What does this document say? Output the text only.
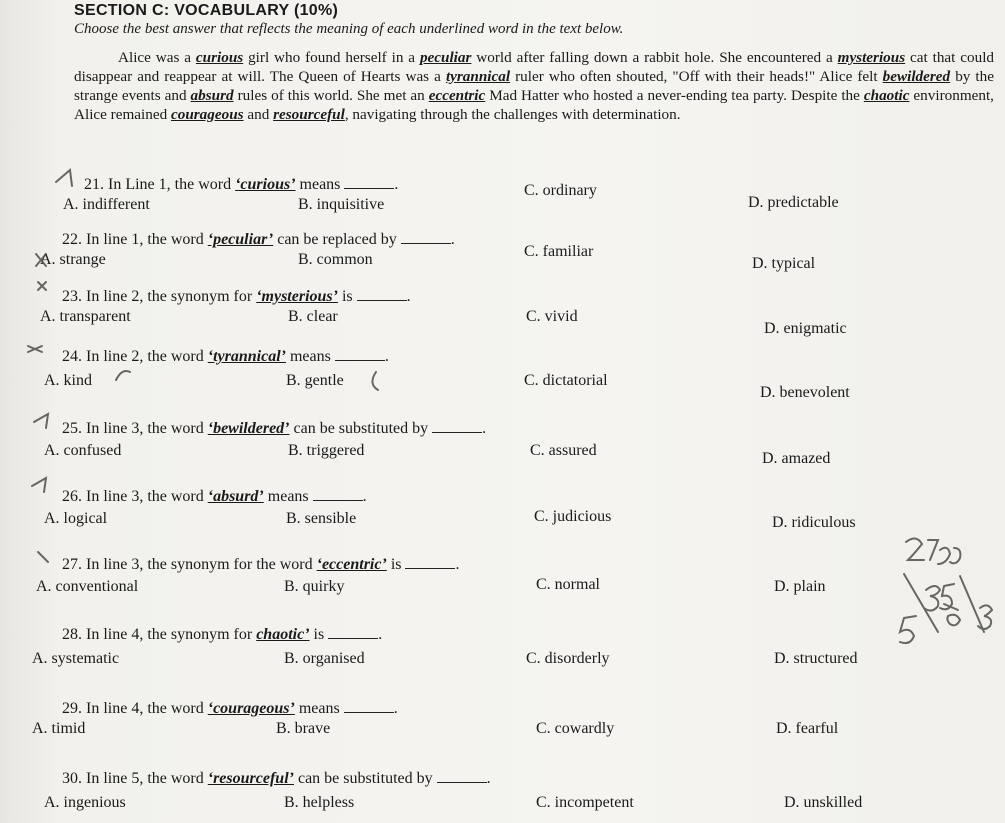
SECTION C: VOCABULARY (10%)
Choose the best answer that reflects the meaning of each underlined word in the text below.
Alice was a curious girl who found herself in a peculiar world after falling down a rabbit hole. She encountered a mysterious cat that could disappear and reappear at will. The Queen of Hearts was a tyrannical ruler who often shouted, "Off with their heads!" Alice felt bewildered by the strange events and absurd rules of this world. She met an eccentric Mad Hatter who hosted a never-ending tea party. Despite the chaotic environment, Alice remained courageous and resourceful, navigating through the challenges with determination.
21. In Line 1, the word ‘curious’ means	.
A. indifferent	B. inquisitive
C. ordinary
D. predictable
22. In line 1, the word ‘peculiar’ can be replaced by	.
A. strange	B. common	C. familiar
D. typical
23. In line 2, the synonym for ‘mysterious’ is	.
A. transparent	B. clear	C. vivid
D. enigmatic
24. In line 2, the word ‘tyrannical’ means	.
A. kind	B. gentle	C. dictatorial
D. benevolent
25. In line 3, the word ‘bewildered’ can be substituted by	.
A. confused	B. triggered	C. assured	D. amazed
26. In line 3, the word ‘absurd’ means	.
A. logical	B. sensible	C. judicious	D. ridiculous
27. In line 3, the synonym for the word ‘eccentric’ is	.
A. conventional	B. quirky	C. normal	D. plain
28. In line 4, the synonym for chaotic’ is	.
A. systematic	B. organised	C. disorderly	D. structured
29. In line 4, the word ‘courageous’ means	.
A. timid	B. brave	C. cowardly	D. fearful
30. In line 5, the word ‘resourceful’ can be substituted by	.
A. ingenious	B. helpless	C. incompetent	D. unskilled
